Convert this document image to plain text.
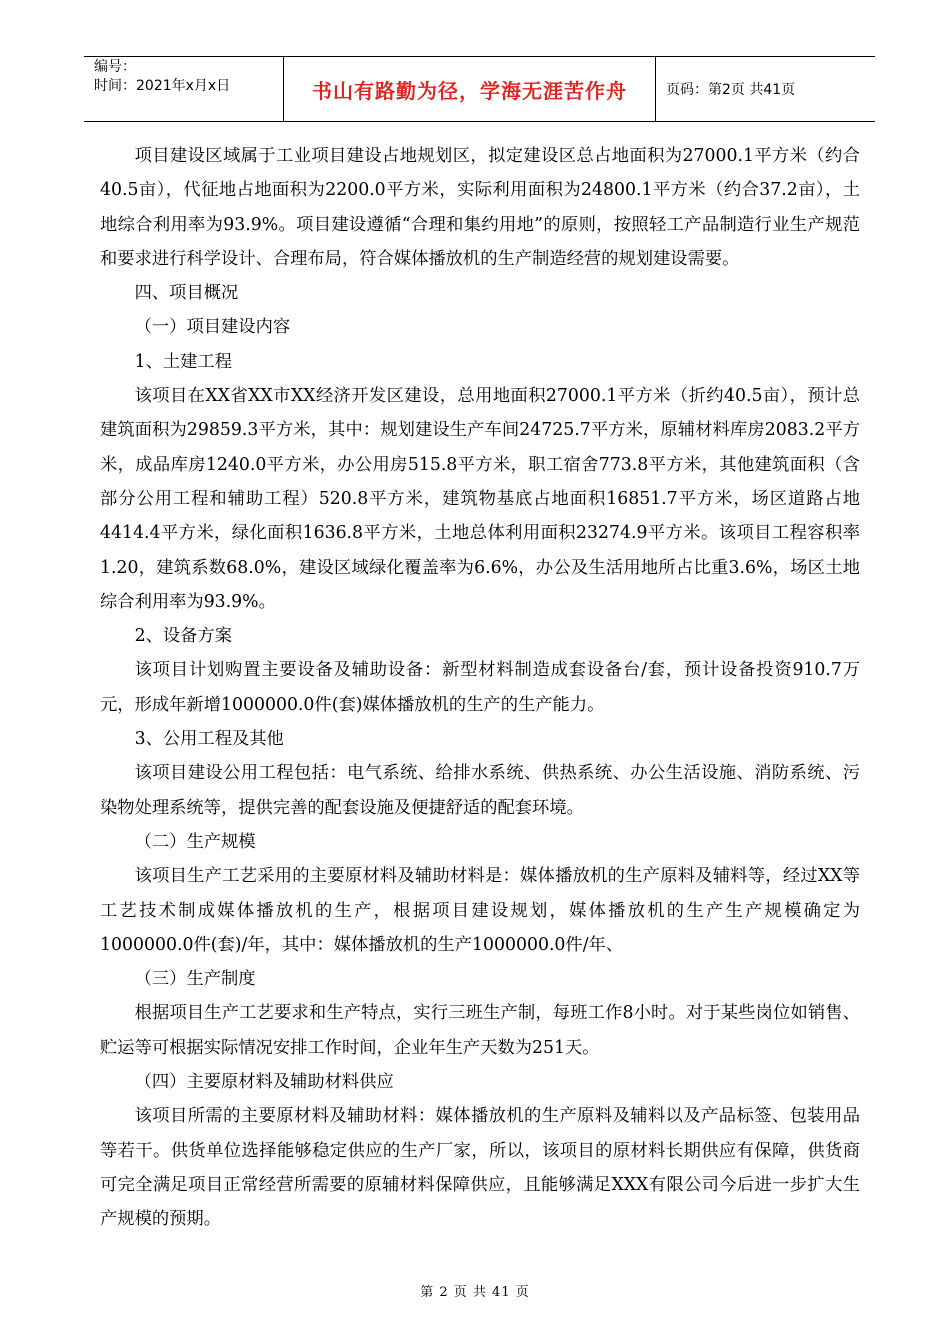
编号：
时间：2021年x月x日	书山有路勤为径，学海无涯苦作舟	页码：第2页 共41页

项目建设区域属于工业项目建设占地规划区，拟定建设区总占地面积为27000.1平方米（约合40.5亩），代征地占地面积为2200.0平方米，实际利用面积为24800.1平方米（约合37.2亩），土地综合利用率为93.9%。项目建设遵循“合理和集约用地”的原则，按照轻工产品制造行业生产规范和要求进行科学设计、合理布局，符合媒体播放机的生产制造经营的规划建设需要。

四、项目概况

（一）项目建设内容

1、土建工程

该项目在XX省XX市XX经济开发区建设，总用地面积27000.1平方米（折约40.5亩），预计总建筑面积为29859.3平方米，其中：规划建设生产车间24725.7平方米，原辅材料库房2083.2平方米，成品库房1240.0平方米，办公用房515.8平方米，职工宿舍773.8平方米，其他建筑面积（含部分公用工程和辅助工程）520.8平方米，建筑物基底占地面积16851.7平方米，场区道路占地4414.4平方米，绿化面积1636.8平方米，土地总体利用面积23274.9平方米。该项目工程容积率1.20，建筑系数68.0%，建设区域绿化覆盖率为6.6%，办公及生活用地所占比重3.6%，场区土地综合利用率为93.9%。

2、设备方案

该项目计划购置主要设备及辅助设备：新型材料制造成套设备台/套，预计设备投资910.7万元，形成年新增1000000.0件(套)媒体播放机的生产的生产能力。

3、公用工程及其他

该项目建设公用工程包括：电气系统、给排水系统、供热系统、办公生活设施、消防系统、污染物处理系统等，提供完善的配套设施及便捷舒适的配套环境。

（二）生产规模

该项目生产工艺采用的主要原材料及辅助材料是：媒体播放机的生产原料及辅料等，经过XX等工艺技术制成媒体播放机的生产，根据项目建设规划，媒体播放机的生产生产规模确定为1000000.0件(套)/年，其中：媒体播放机的生产1000000.0件/年、

（三）生产制度

根据项目生产工艺要求和生产特点，实行三班生产制，每班工作8小时。对于某些岗位如销售、贮运等可根据实际情况安排工作时间，企业年生产天数为251天。

（四）主要原材料及辅助材料供应

该项目所需的主要原材料及辅助材料：媒体播放机的生产原料及辅料以及产品标签、包装用品等若干。供货单位选择能够稳定供应的生产厂家，所以，该项目的原材料长期供应有保障，供货商可完全满足项目正常经营所需要的原辅材料保障供应，且能够满足XXX有限公司今后进一步扩大生产规模的预期。

第 2 页 共 41 页
